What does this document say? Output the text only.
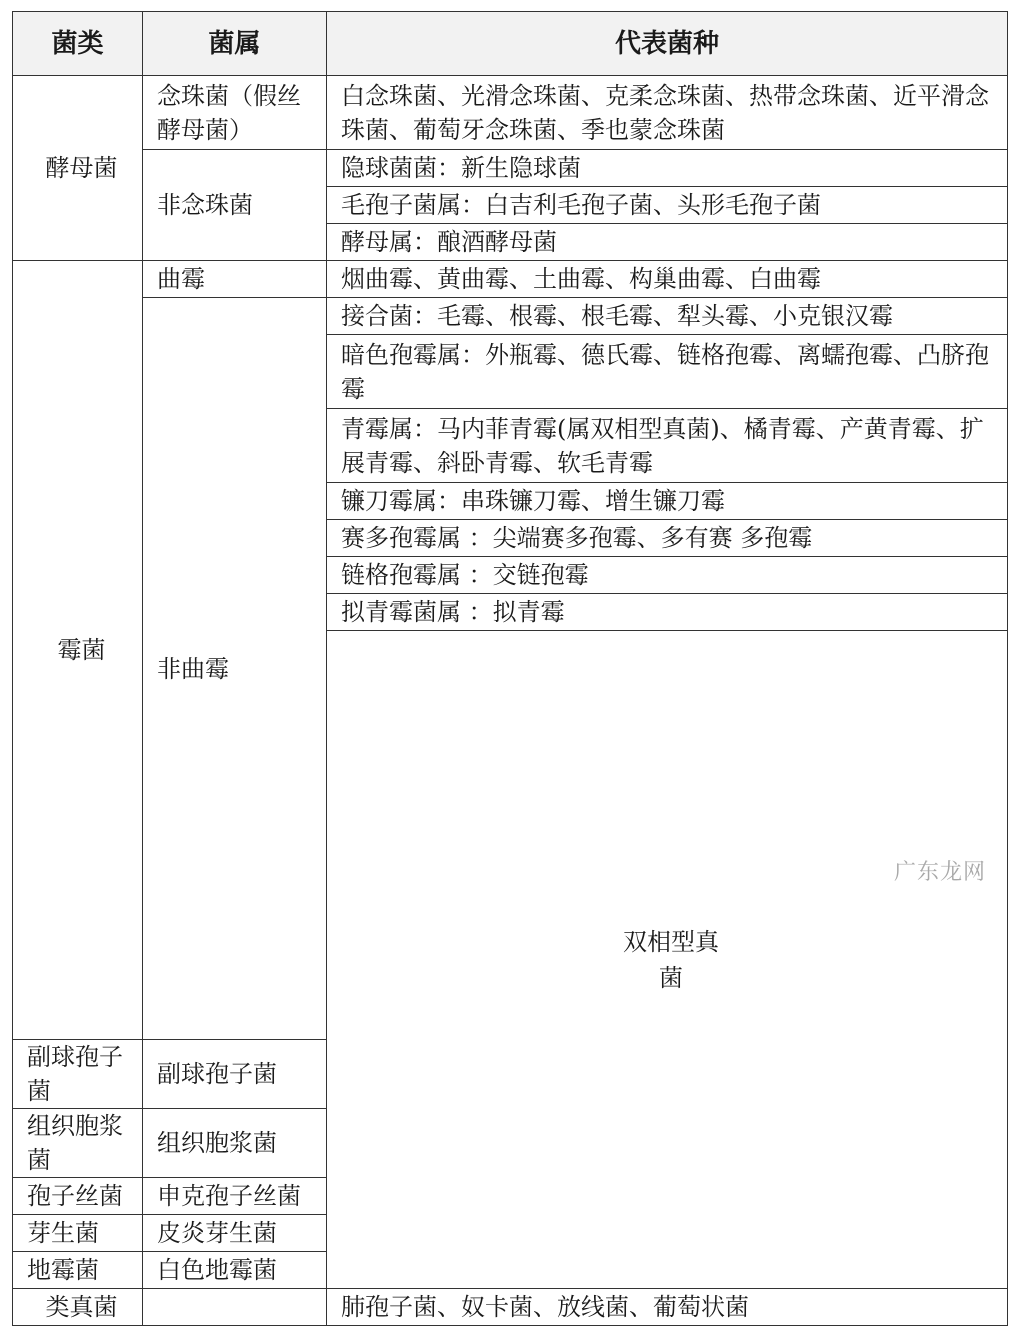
菌类	菌属	代表菌种	
酵母菌	念珠菌（假丝酵母菌）	白念珠菌、光滑念珠菌、克柔念珠菌、热带念珠菌、近平滑念珠菌、葡萄牙念珠菌、季也蒙念珠菌	
	非念珠菌	隐球菌菌：新生隐球菌	
		毛孢子菌属：白吉利毛孢子菌、头形毛孢子菌	
		酵母属：酿酒酵母菌	
霉菌	曲霉	烟曲霉、黄曲霉、土曲霉、构巢曲霉、白曲霉	
	非曲霉	接合菌：毛霉、根霉、根毛霉、犁头霉、小克银汉霉	
		暗色孢霉属：外瓶霉、德氏霉、链格孢霉、离蠕孢霉、凸脐孢霉	
		青霉属：马内菲青霉(属双相型真菌)、橘青霉、产黄青霉、扩展青霉、斜卧青霉、软毛青霉	
		镰刀霉属：串珠镰刀霉、增生镰刀霉	
		赛多孢霉属 ：尖端赛多孢霉、多有赛 多孢霉	
		链格孢霉属 ：交链孢霉	
		拟青霉菌属 ：拟青霉	
		双相型真菌		
副球孢子菌	副球孢子菌		
组织胞浆菌	组织胞浆菌		
孢子丝菌	申克孢子丝菌		
芽生菌	皮炎芽生菌		
地霉菌	白色地霉菌		
类真菌		肺孢子菌、奴卡菌、放线菌、葡萄状菌	
广东龙网
